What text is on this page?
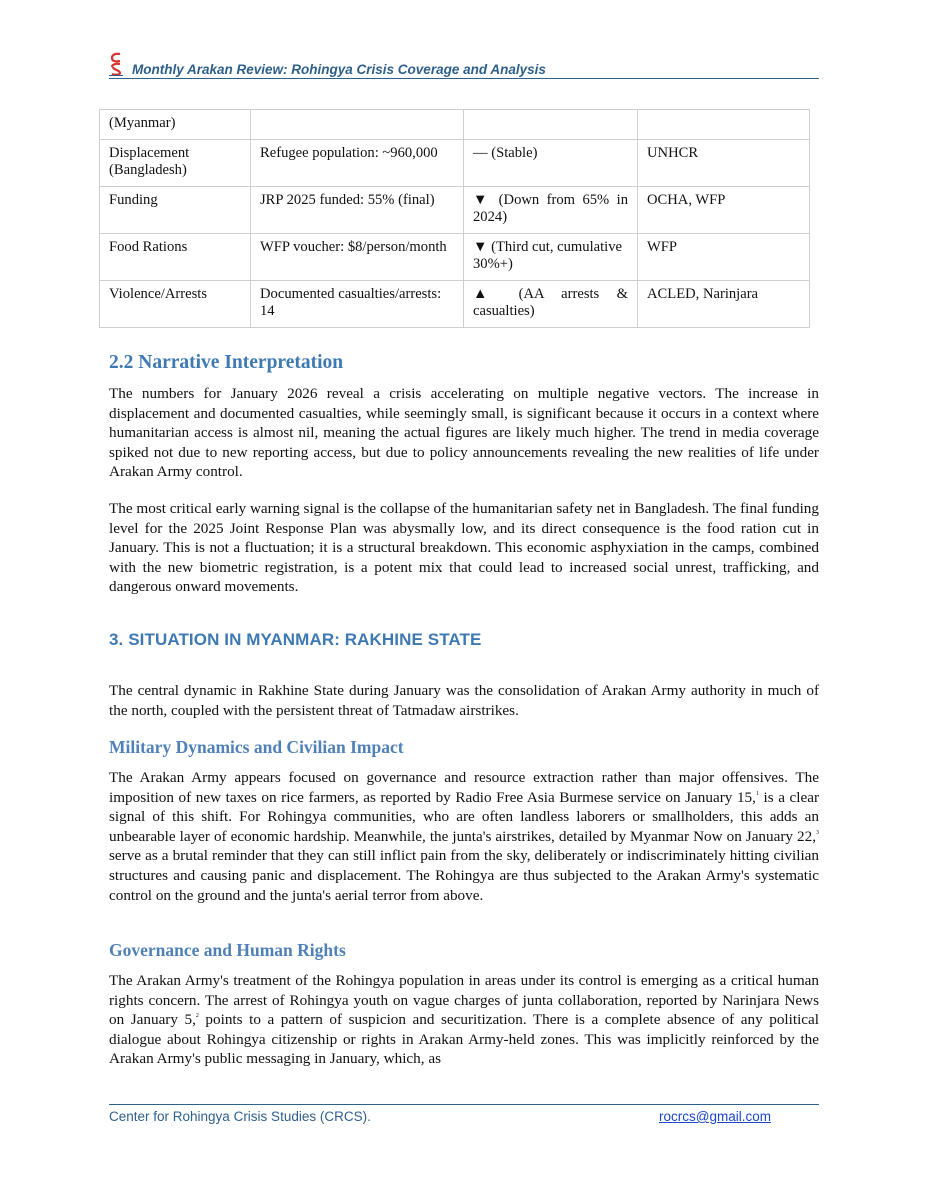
Monthly Arakan Review: Rohingya Crisis Coverage and Analysis
(Myanmar)			
Displacement (Bangladesh)	Refugee population: ~960,000	— (Stable)	UNHCR
Funding	JRP 2025 funded: 55% (final)	▼ (Down from 65% in 2024)	OCHA, WFP
Food Rations	WFP voucher: $8/person/month	▼ (Third cut, cumulative 30%+)	WFP
Violence/Arrests	Documented casualties/arrests: 14	▲ (AA arrests & casualties)	ACLED, Narinjara
2.2 Narrative Interpretation

The numbers for January 2026 reveal a crisis accelerating on multiple negative vectors. The increase in displacement and documented casualties, while seemingly small, is significant because it occurs in a context where humanitarian access is almost nil, meaning the actual figures are likely much higher. The trend in media coverage spiked not due to new reporting access, but due to policy announcements revealing the new realities of life under Arakan Army control.

The most critical early warning signal is the collapse of the humanitarian safety net in Bangladesh. The final funding level for the 2025 Joint Response Plan was abysmally low, and its direct consequence is the food ration cut in January. This is not a fluctuation; it is a structural breakdown. This economic asphyxiation in the camps, combined with the new biometric registration, is a potent mix that could lead to increased social unrest, trafficking, and dangerous onward movements.

3. SITUATION IN MYANMAR: RAKHINE STATE

The central dynamic in Rakhine State during January was the consolidation of Arakan Army authority in much of the north, coupled with the persistent threat of Tatmadaw airstrikes.

Military Dynamics and Civilian Impact

The Arakan Army appears focused on governance and resource extraction rather than major offensives. The imposition of new taxes on rice farmers, as reported by Radio Free Asia Burmese service on January 15,$^1$ is a clear signal of this shift. For Rohingya communities, who are often landless laborers or smallholders, this adds an unbearable layer of economic hardship. Meanwhile, the junta's airstrikes, detailed by Myanmar Now on January 22,$^3$ serve as a brutal reminder that they can still inflict pain from the sky, deliberately or indiscriminately hitting civilian structures and causing panic and displacement. The Rohingya are thus subjected to the Arakan Army's systematic control on the ground and the junta's aerial terror from above.

Governance and Human Rights

The Arakan Army's treatment of the Rohingya population in areas under its control is emerging as a critical human rights concern. The arrest of Rohingya youth on vague charges of junta collaboration, reported by Narinjara News on January 5,$^2$ points to a pattern of suspicion and securitization. There is a complete absence of any political dialogue about Rohingya citizenship or rights in Arakan Army-held zones. This was implicitly reinforced by the Arakan Army's public messaging in January, which, as

Center for Rohingya Crisis Studies (CRCS).	rocrcs@gmail.com
